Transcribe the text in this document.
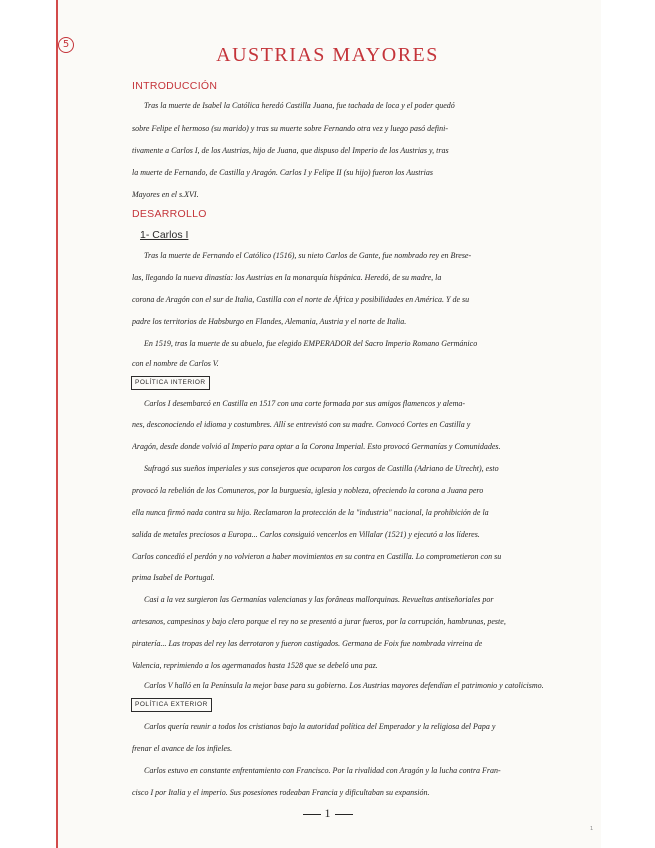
5	AUSTRIAS MAYORES
INTRODUCCIÓN
Tras la muerte de Isabel la Católica heredó Castilla Juana, fue tachada de loca y el poder quedó
sobre Felipe el hermoso (su marido) y tras su muerte sobre Fernando otra vez y luego pasó defini-
tivamente a Carlos I, de los Austrias, hijo de Juana, que dispuso del Imperio de los Austrias y, tras
la muerte de Fernando, de Castilla y Aragón. Carlos I y Felipe II (su hijo) fueron los Austrias
Mayores en el s.XVI.
DESARROLLO
1- Carlos I
Tras la muerte de Fernando el Católico (1516), su nieto Carlos de Gante, fue nombrado rey en Brese-
las, llegando la nueva dinastía: los Austrias en la monarquía hispánica. Heredó, de su madre, la
corona de Aragón con el sur de Italia, Castilla con el norte de África y posibilidades en América. Y de su
padre los territorios de Habsburgo en Flandes, Alemania, Austria y el norte de Italia.
En 1519, tras la muerte de su abuelo, fue elegido EMPERADOR del Sacro Imperio Romano Germánico
con el nombre de Carlos V.
POLÍTICA INTERIOR
Carlos I desembarcó en Castilla en 1517 con una corte formada por sus amigos flamencos y alema-
nes, desconociendo el idioma y costumbres. Allí se entrevistó con su madre. Convocó Cortes en Castilla y
Aragón, desde donde volvió al Imperio para optar a la Corona Imperial. Esto provocó Germanías y Comunidades.
Sufragó sus sueños imperiales y sus consejeros que ocuparon los cargos de Castilla (Adriano de Utrecht), esto
provocó la rebelión de los Comuneros, por la burguesía, iglesia y nobleza, ofreciendo la corona a Juana pero
ella nunca firmó nada contra su hijo. Reclamaron la protección de la "industria" nacional, la prohibición de la
salida de metales preciosos a Europa... Carlos consiguió vencerlos en Villalar (1521) y ejecutó a los líderes.
Carlos concedió el perdón y no volvieron a haber movimientos en su contra en Castilla. Lo comprometieron con su
prima Isabel de Portugal.
Casi a la vez surgieron las Germanías valencianas y las forâneas mallorquinas. Revueltas antiseñoriales por
artesanos, campesinos y bajo clero porque el rey no se presentó a jurar fueros, por la corrupción, hambrunas, peste,
piratería... Las tropas del rey las derrotaron y fueron castigados. Germana de Foix fue nombrada virreina de
Valencia, reprimiendo a los agermanados hasta 1528 que se debeló una paz.
Carlos V halló en la Península la mejor base para su gobierno. Los Austrias mayores defendían el patrimonio y catolicismo.
POLÍTICA EXTERIOR
Carlos quería reunir a todos los cristianos bajo la autoridad política del Emperador y la religiosa del Papa y
frenar el avance de los infieles.
Carlos estuvo en constante enfrentamiento con Francisco. Por la rivalidad con Aragón y la lucha contra Fran-
cisco I por Italia y el imperio. Sus posesiones rodeaban Francia y dificultaban su expansión.
1
1
